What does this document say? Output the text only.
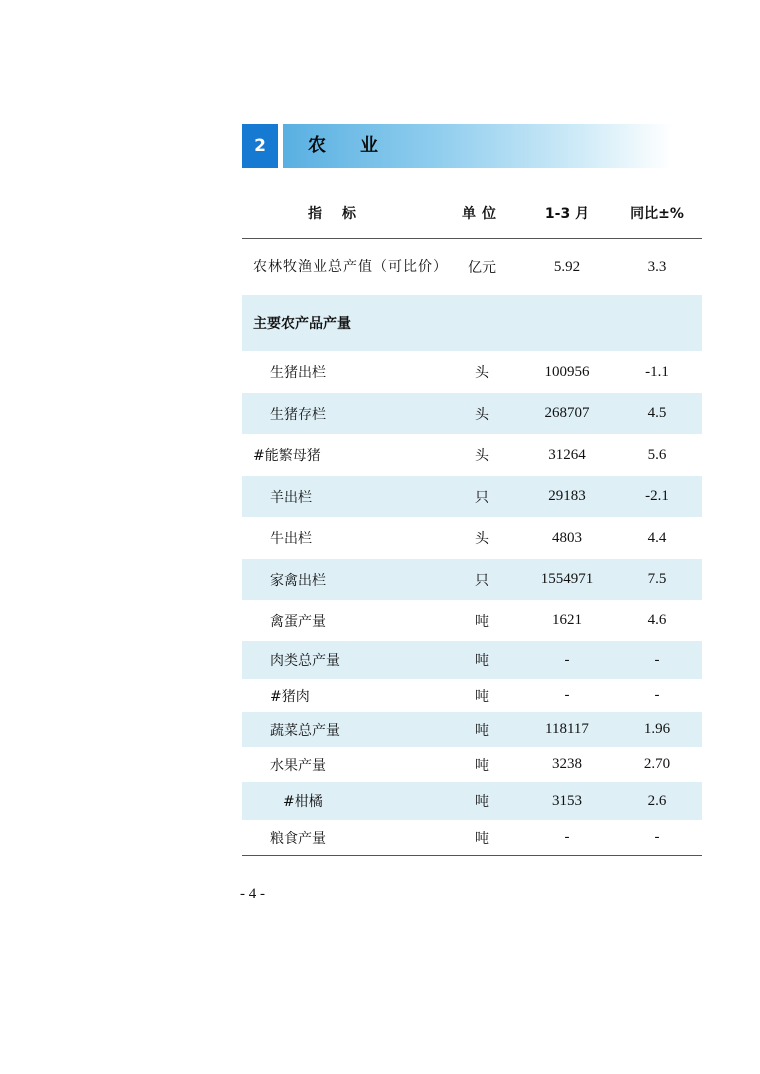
2	农业
指标	单位	1-3 月	同比±%
农林牧渔业总产值（可比价）	亿元	5.92	3.3
主要农产品产量
生猪出栏	头	100956	-1.1
生猪存栏	头	268707	4.5
#能繁母猪	头	31264	5.6
羊出栏	只	29183	-2.1
牛出栏	头	4803	4.4
家禽出栏	只	1554971	7.5
禽蛋产量	吨	1621	4.6
肉类总产量	吨	-	-
#猪肉	吨	-	-
蔬菜总产量	吨	118117	1.96
水果产量	吨	3238	2.70
#柑橘	吨	3153	2.6
粮食产量	吨	-	-
- 4 -
